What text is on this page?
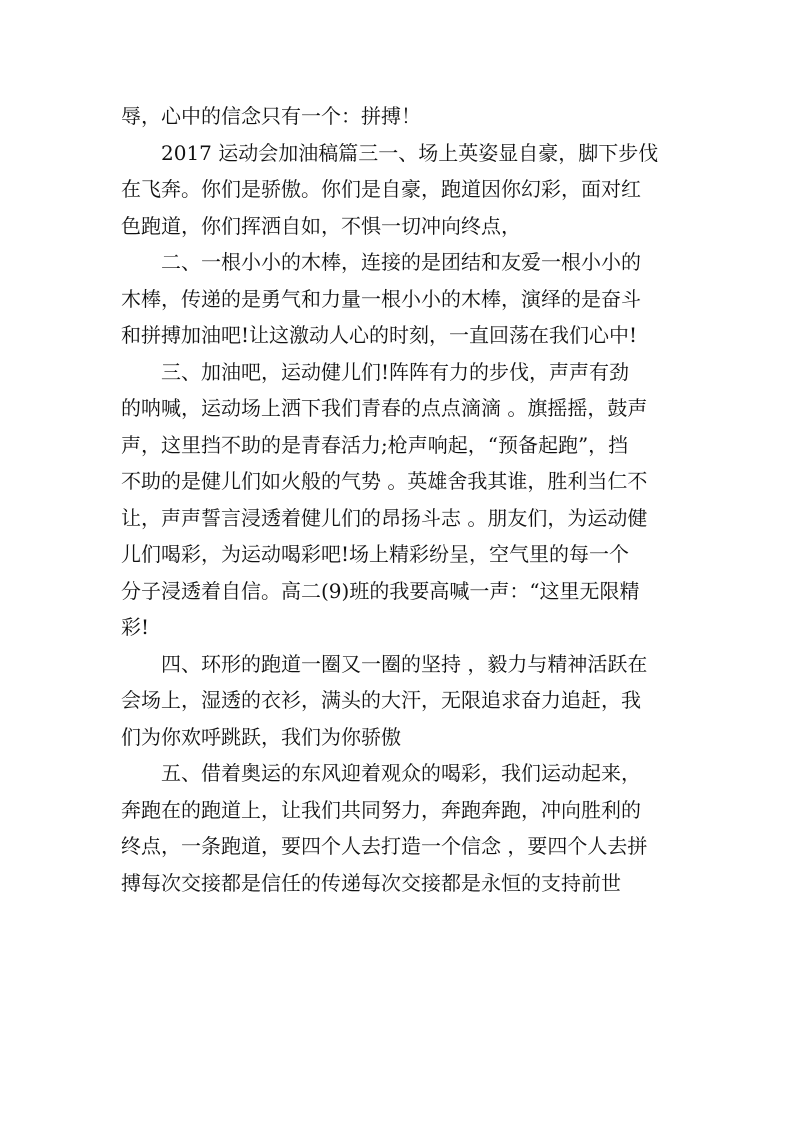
辱，心中的信念只有一个：拼搏！
2017 运动会加油稿篇三一、场上英姿显自豪，脚下步伐
在飞奔。你们是骄傲。你们是自豪，跑道因你幻彩，面对红
色跑道，你们挥洒自如，不惧一切冲向终点，
二、一根小小的木棒，连接的是团结和友爱一根小小的
木棒，传递的是勇气和力量一根小小的木棒，演绎的是奋斗
和拼搏加油吧!让这激动人心的时刻，一直回荡在我们心中!
三、加油吧，运动健儿们!阵阵有力的步伐，声声有劲
的呐喊，运动场上洒下我们青春的点点滴滴 。旗摇摇，鼓声
声，这里挡不助的是青春活力;枪声响起，“预备起跑”，挡
不助的是健儿们如火般的气势 。英雄舍我其谁，胜利当仁不
让，声声誓言浸透着健儿们的昂扬斗志 。朋友们，为运动健
儿们喝彩，为运动喝彩吧!场上精彩纷呈，空气里的每一个
分子浸透着自信。高二(9)班的我要高喊一声：“这里无限精
彩!
四、环形的跑道一圈又一圈的坚持 ，毅力与精神活跃在
会场上，湿透的衣衫，满头的大汗，无限追求奋力追赶，我
们为你欢呼跳跃，我们为你骄傲
五、借着奥运的东风迎着观众的喝彩，我们运动起来，
奔跑在的跑道上，让我们共同努力，奔跑奔跑，冲向胜利的
终点，一条跑道，要四个人去打造一个信念 ，要四个人去拼
搏每次交接都是信任的传递每次交接都是永恒的支持前世
